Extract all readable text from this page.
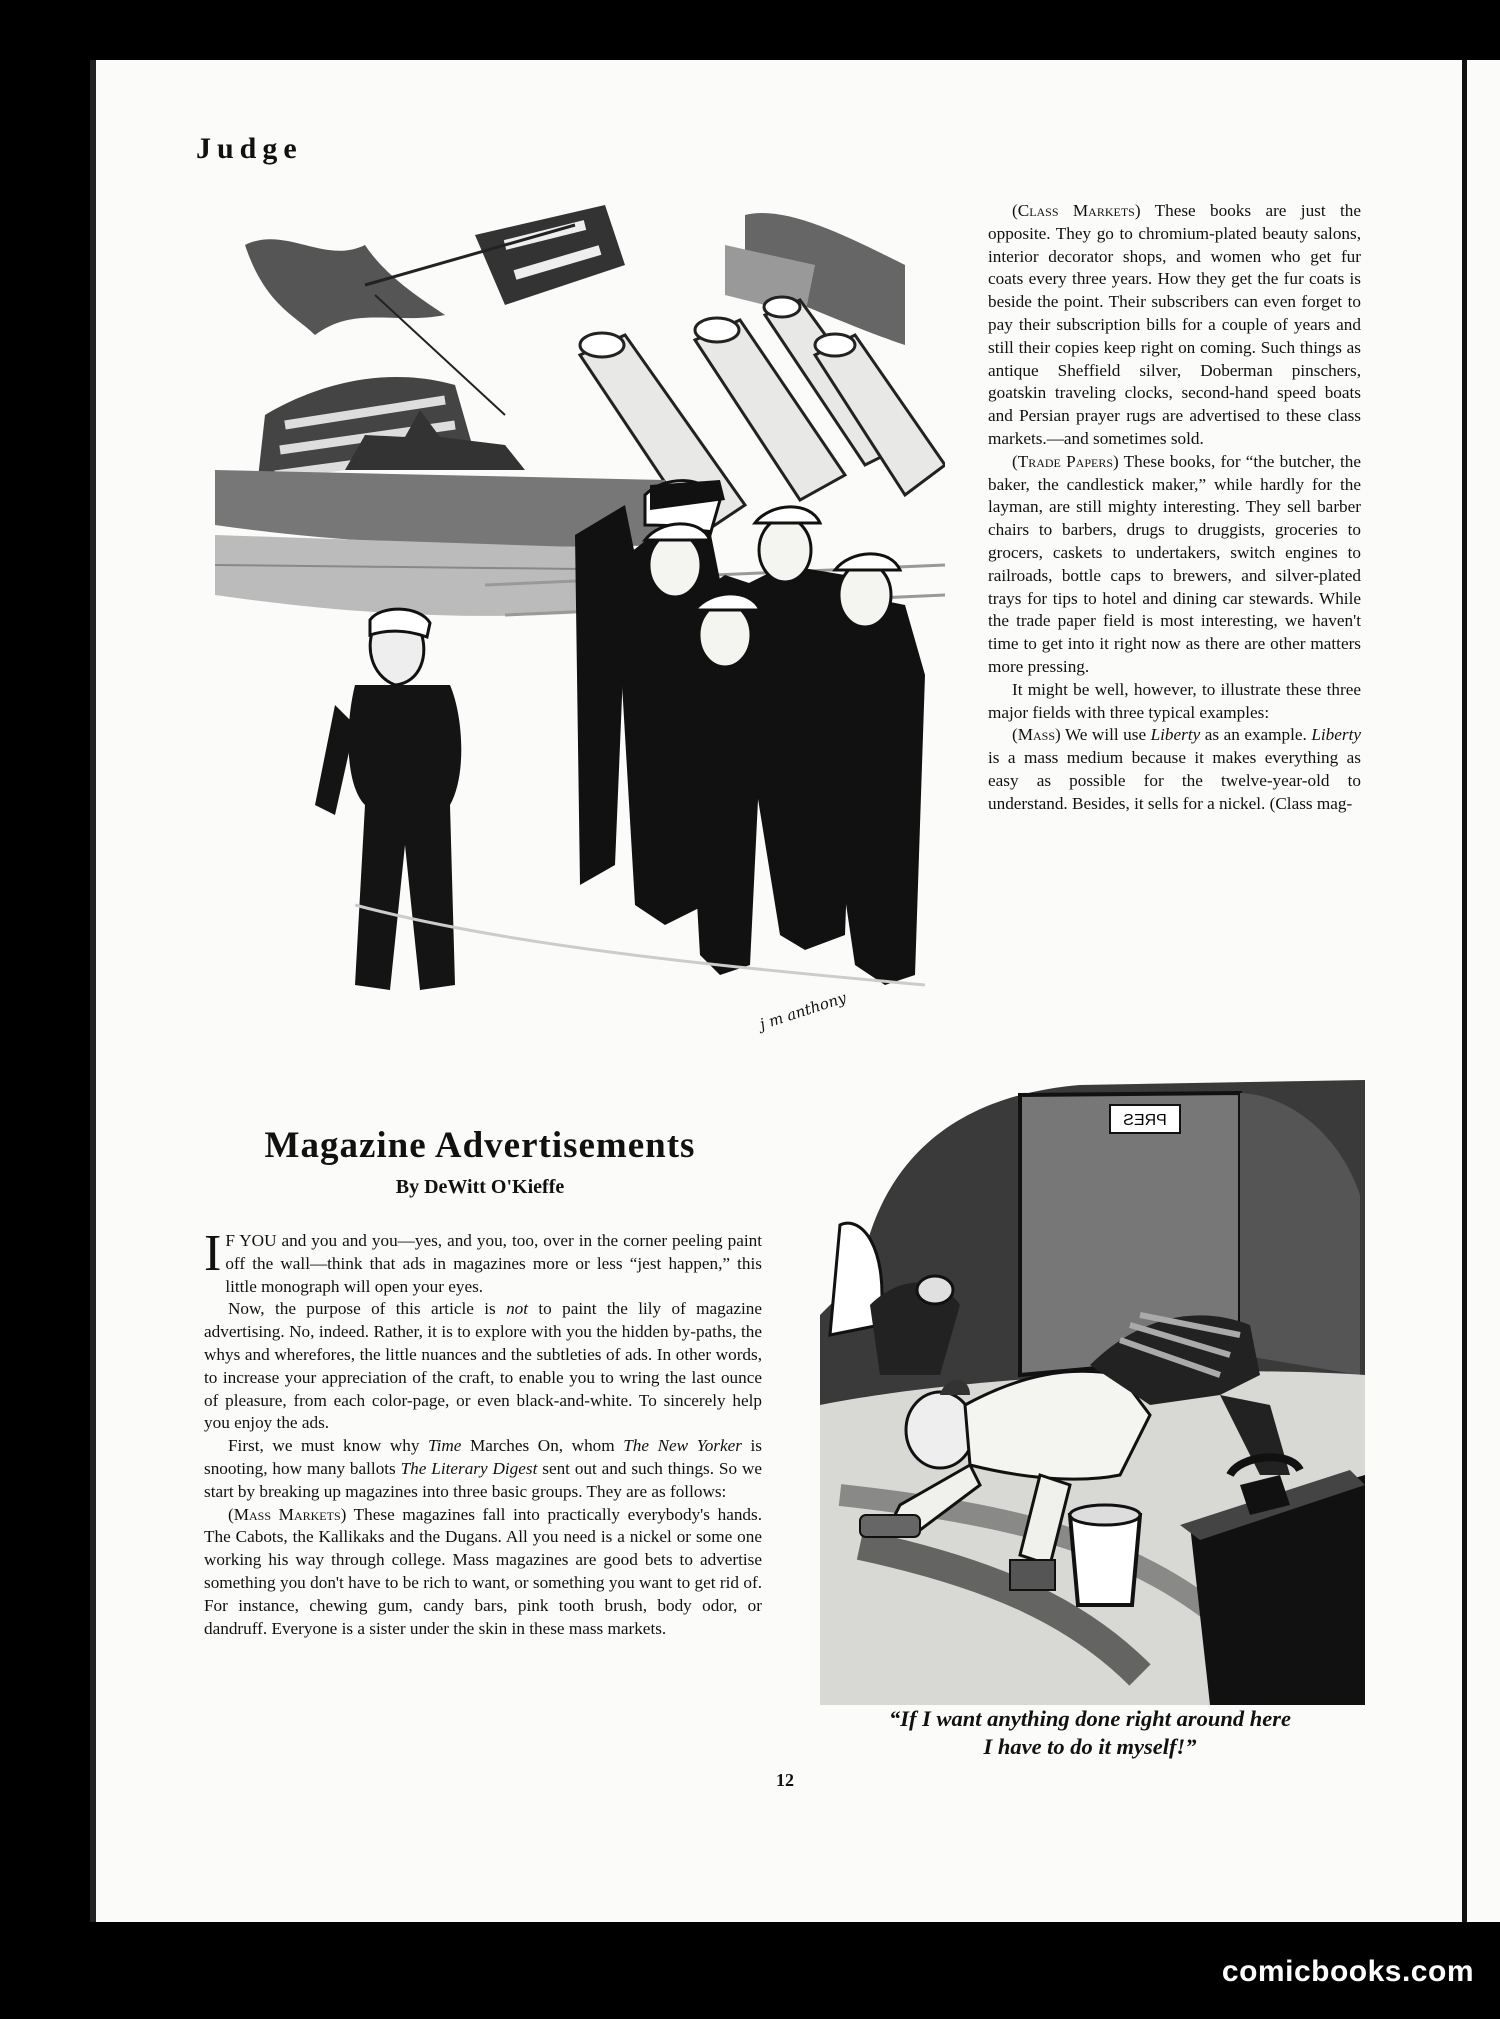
Judge
j m anthony

(Class Markets) These books are just the opposite. They go to chromium-plated beauty salons, interior decorator shops, and women who get fur coats every three years. How they get the fur coats is beside the point. Their subscribers can even forget to pay their subscription bills for a couple of years and still their copies keep right on coming. Such things as antique Sheffield silver, Doberman pinschers, goatskin traveling clocks, second-hand speed boats and Persian prayer rugs are advertised to these class markets.—and sometimes sold.

(Trade Papers) These books, for “the butcher, the baker, the candlestick maker,” while hardly for the layman, are still mighty interesting. They sell barber chairs to barbers, drugs to druggists, groceries to grocers, caskets to undertakers, switch engines to railroads, bottle caps to brewers, and silver-plated trays for tips to hotel and dining car stewards. While the trade paper field is most interesting, we haven't time to get into it right now as there are other matters more pressing.

It might be well, however, to illustrate these three major fields with three typical examples:

(Mass) We will use Liberty as an example. Liberty is a mass medium because it makes everything as easy as possible for the twelve-year-old to understand. Besides, it sells for a nickel. (Class mag-

Magazine Advertisements
By DeWitt O'Kieffe

I F YOU and you and you—yes, and you, too, over in the corner peeling paint off the wall—think that ads in magazines more or less “jest happen,” this little monograph will open your eyes.

Now, the purpose of this article is not to paint the lily of magazine advertising. No, indeed. Rather, it is to explore with you the hidden by-paths, the whys and wherefores, the little nuances and the subtleties of ads. In other words, to increase your appreciation of the craft, to enable you to wring the last ounce of pleasure, from each color-page, or even black-and-white. To sincerely help you enjoy the ads.

First, we must know why Time Marches On, whom The New Yorker is snooting, how many ballots The Literary Digest sent out and such things. So we start by breaking up magazines into three basic groups. They are as follows:

(Mass Markets) These magazines fall into practically everybody's hands. The Cabots, the Kallikaks and the Dugans. All you need is a nickel or some one working his way through college. Mass magazines are good bets to advertise something you don't have to be rich to want, or something you want to get rid of. For instance, chewing gum, candy bars, pink tooth brush, body odor, or dandruff. Everyone is a sister under the skin in these mass markets.

PRES
“If I want anything done right around here
I have to do it myself!”
12
comicbooks.com
